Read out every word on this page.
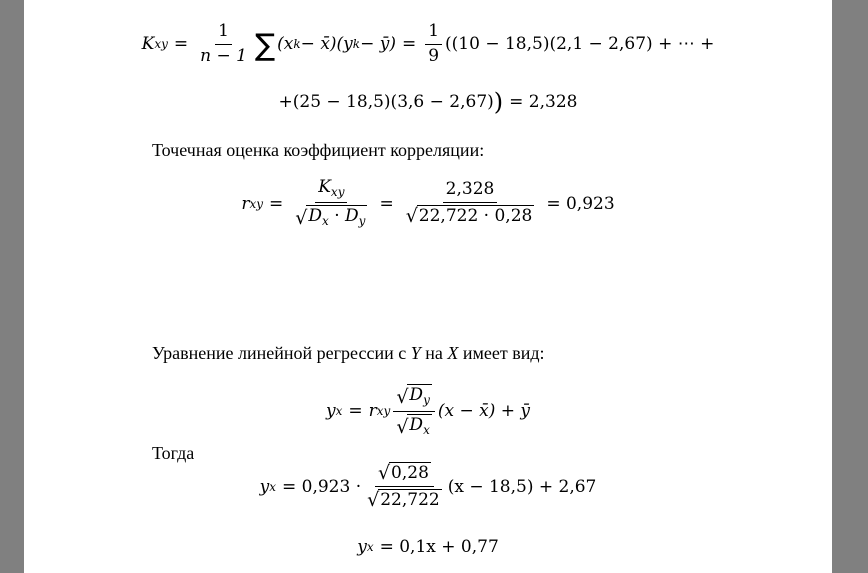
K xy = $\frac{1}{n - 1}$ ∑ (x k − x̄)(y k − ȳ) = $\frac{1}{9} ((10 - 18,5)(2,1 - 2,67)$ + ⋯ +
+(25 − 18,5)(3,6 − 2,67) ) = 2,328
Точечная оценка коэффициент корреляции:
r xy = $\frac{K_{xy}}{√ D_x \cdot D_y} = \frac{2,328}{√ 22,722 \cdot 0,28} = 0,923$
Уравнение линейной регрессии с Y на X имеет вид:
y x = r xy $\frac{√ D_y}{√ D_x} (x$ − x̄) + ȳ
Тогда
y $x = 0,923 \cdot \frac{√ 0,28}{√ 22,722} (x - 18,5) + 2,67$
y x = 0,1x + 0,77
